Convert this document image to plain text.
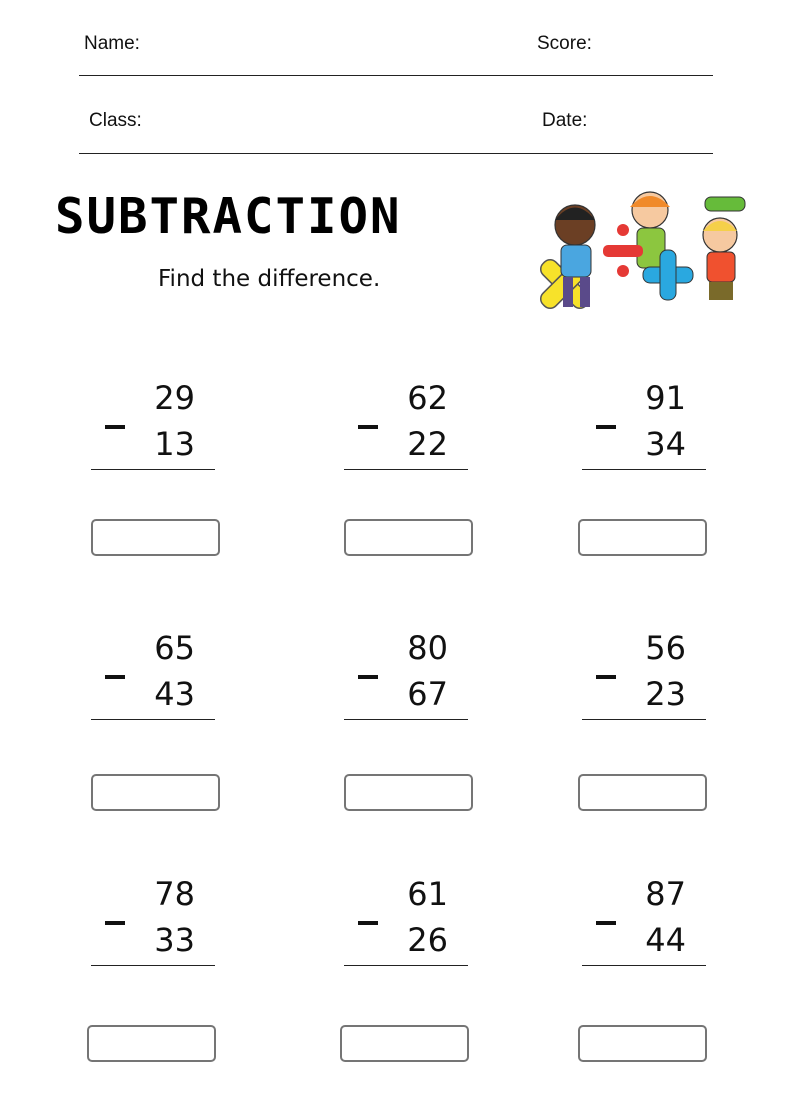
Name:	Score:
Class:	Date:
SUBTRACTION
Find the difference.
29
13
62
22
91
34
65
43
80
67
56
23
78
33
61
26
87
44
